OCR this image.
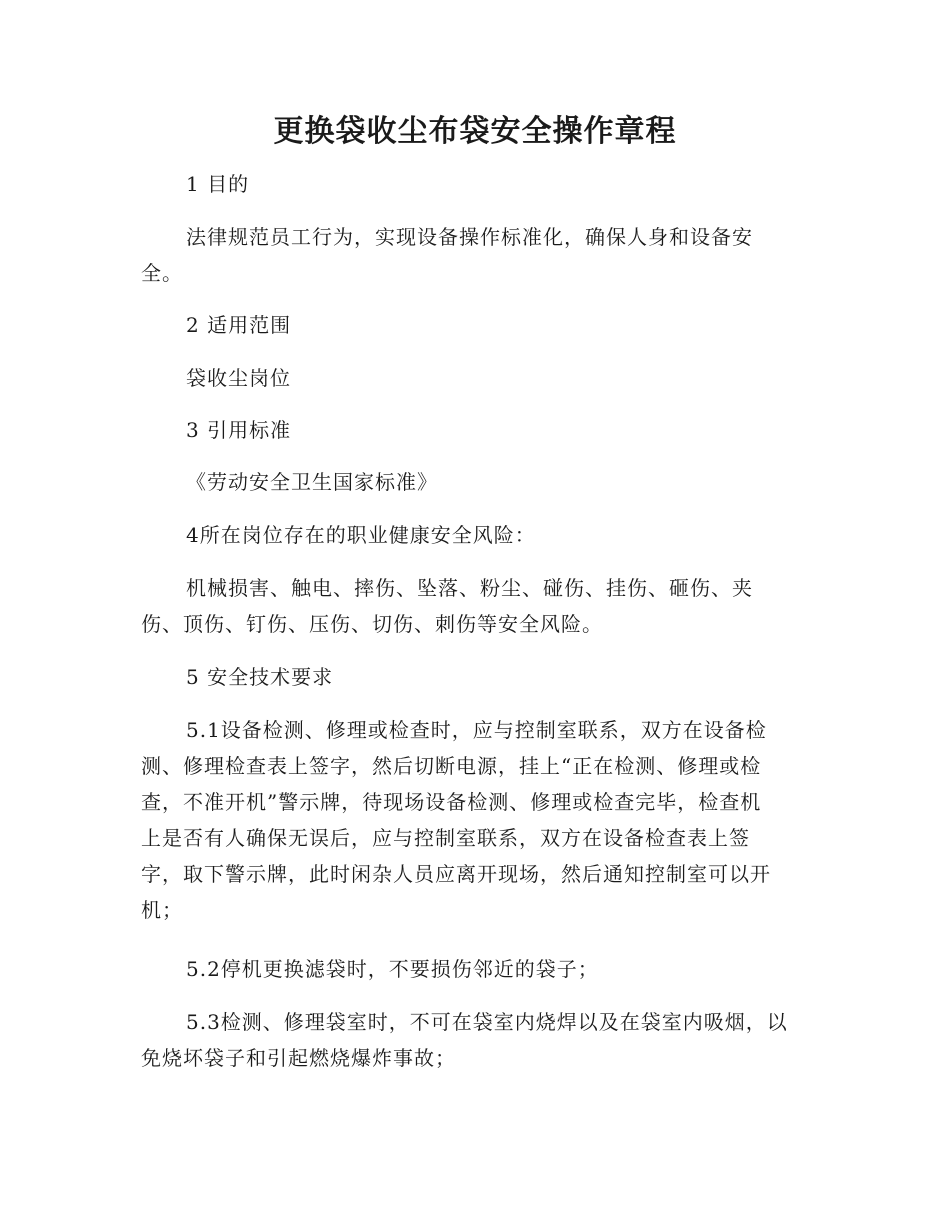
更换袋收尘布袋安全操作章程
1 目的
法律规范员工行为，实现设备操作标准化，确保人身和设备安
全。
2 适用范围
袋收尘岗位
3 引用标准
《劳动安全卫生国家标准》
4所在岗位存在的职业健康安全风险：
机械损害、触电、摔伤、坠落、粉尘、碰伤、挂伤、砸伤、夹
伤、顶伤、钉伤、压伤、切伤、刺伤等安全风险。
5 安全技术要求
5.1设备检测、修理或检查时，应与控制室联系，双方在设备检
测、修理检查表上签字，然后切断电源，挂上“正在检测、修理或检
查，不准开机”警示牌，待现场设备检测、修理或检查完毕，检查机
上是否有人确保无误后，应与控制室联系，双方在设备检查表上签
字，取下警示牌，此时闲杂人员应离开现场，然后通知控制室可以开
机；
5.2停机更换滤袋时，不要损伤邻近的袋子；
5.3检测、修理袋室时，不可在袋室内烧焊以及在袋室内吸烟，以
免烧坏袋子和引起燃烧爆炸事故；
